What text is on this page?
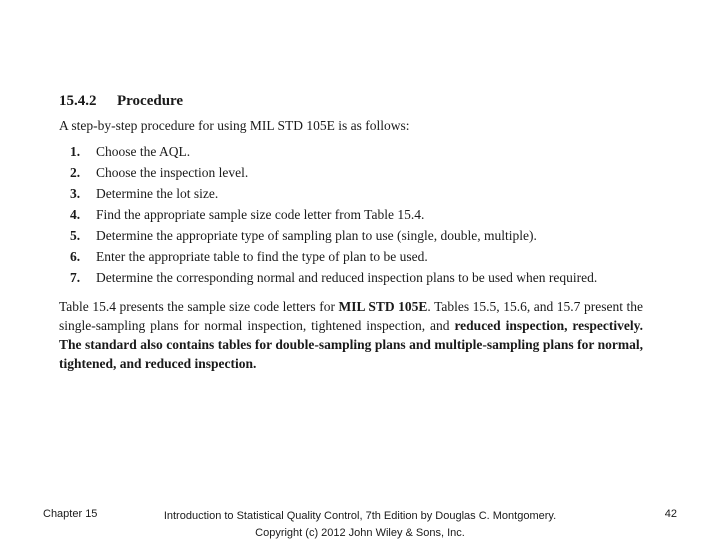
15.4.2 Procedure

A step-by-step procedure for using MIL STD 105E is as follows:

1.	Choose the AQL.
2.	Choose the inspection level.
3.	Determine the lot size.
4.	Find the appropriate sample size code letter from Table 15.4.
5.	Determine the appropriate type of sampling plan to use (single, double, multiple).
6.	Enter the appropriate table to find the type of plan to be used.
7.	Determine the corresponding normal and reduced inspection plans to be used when required.

Table 15.4 presents the sample size code letters for MIL STD 105E. Tables 15.5, 15.6, and 15.7 present the single-sampling plans for normal inspection, tightened inspection, and reduced inspection, respectively. The standard also contains tables for double-sampling plans and multiple-sampling plans for normal, tightened, and reduced inspection.

Chapter 15	Introduction to Statistical Quality Control, 7th Edition by Douglas C. Montgomery.
Copyright (c) 2012 John Wiley & Sons, Inc.
42
